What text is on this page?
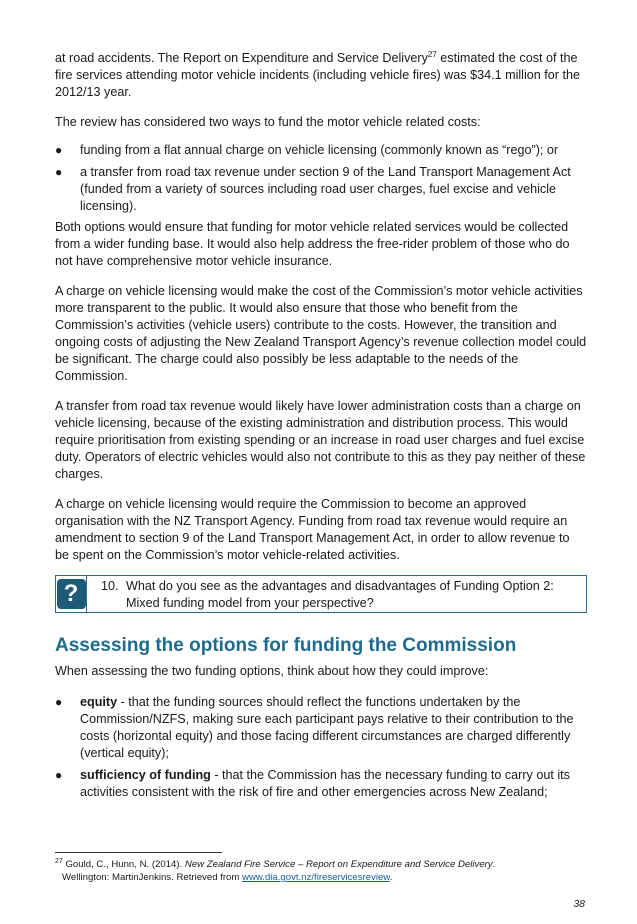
at road accidents. The Report on Expenditure and Service Delivery$^{27}$ estimated the cost of the fire services attending motor vehicle incidents (including vehicle fires) was $34.1 million for the 2012/13 year.

The review has considered two ways to fund the motor vehicle related costs:

● funding from a flat annual charge on vehicle licensing (commonly known as “rego”); or
● a transfer from road tax revenue under section 9 of the Land Transport Management Act (funded from a variety of sources including road user charges, fuel excise and vehicle licensing).

Both options would ensure that funding for motor vehicle related services would be collected from a wider funding base. It would also help address the free-rider problem of those who do not have comprehensive motor vehicle insurance.

A charge on vehicle licensing would make the cost of the Commission’s motor vehicle activities more transparent to the public. It would also ensure that those who benefit from the Commission’s activities (vehicle users) contribute to the costs. However, the transition and ongoing costs of adjusting the New Zealand Transport Agency’s revenue collection model could be significant. The charge could also possibly be less adaptable to the needs of the Commission.

A transfer from road tax revenue would likely have lower administration costs than a charge on vehicle licensing, because of the existing administration and distribution process. This would require prioritisation from existing spending or an increase in road user charges and fuel excise duty. Operators of electric vehicles would also not contribute to this as they pay neither of these charges.

A charge on vehicle licensing would require the Commission to become an approved organisation with the NZ Transport Agency. Funding from road tax revenue would require an amendment to section 9 of the Land Transport Management Act, in order to allow revenue to be spent on the Commission’s motor vehicle-related activities.

?	10. What do you see as the advantages and disadvantages of Funding Option 2: Mixed funding model from your perspective?
Assessing the options for funding the Commission

When assessing the two funding options, think about how they could improve:

● equity - that the funding sources should reflect the functions undertaken by the Commission/NZFS, making sure each participant pays relative to their contribution to the costs (horizontal equity) and those facing different circumstances are charged differently (vertical equity);
● sufficiency of funding - that the Commission has the necessary funding to carry out its activities consistent with the risk of fire and other emergencies across New Zealand;
$^{27}$ Gould, C., Hunn, N. (2014). New Zealand Fire Service – Report on Expenditure and Service Delivery.
Wellington: MartinJenkins. Retrieved from www.dia.govt.nz/fireservicesreview.
38
